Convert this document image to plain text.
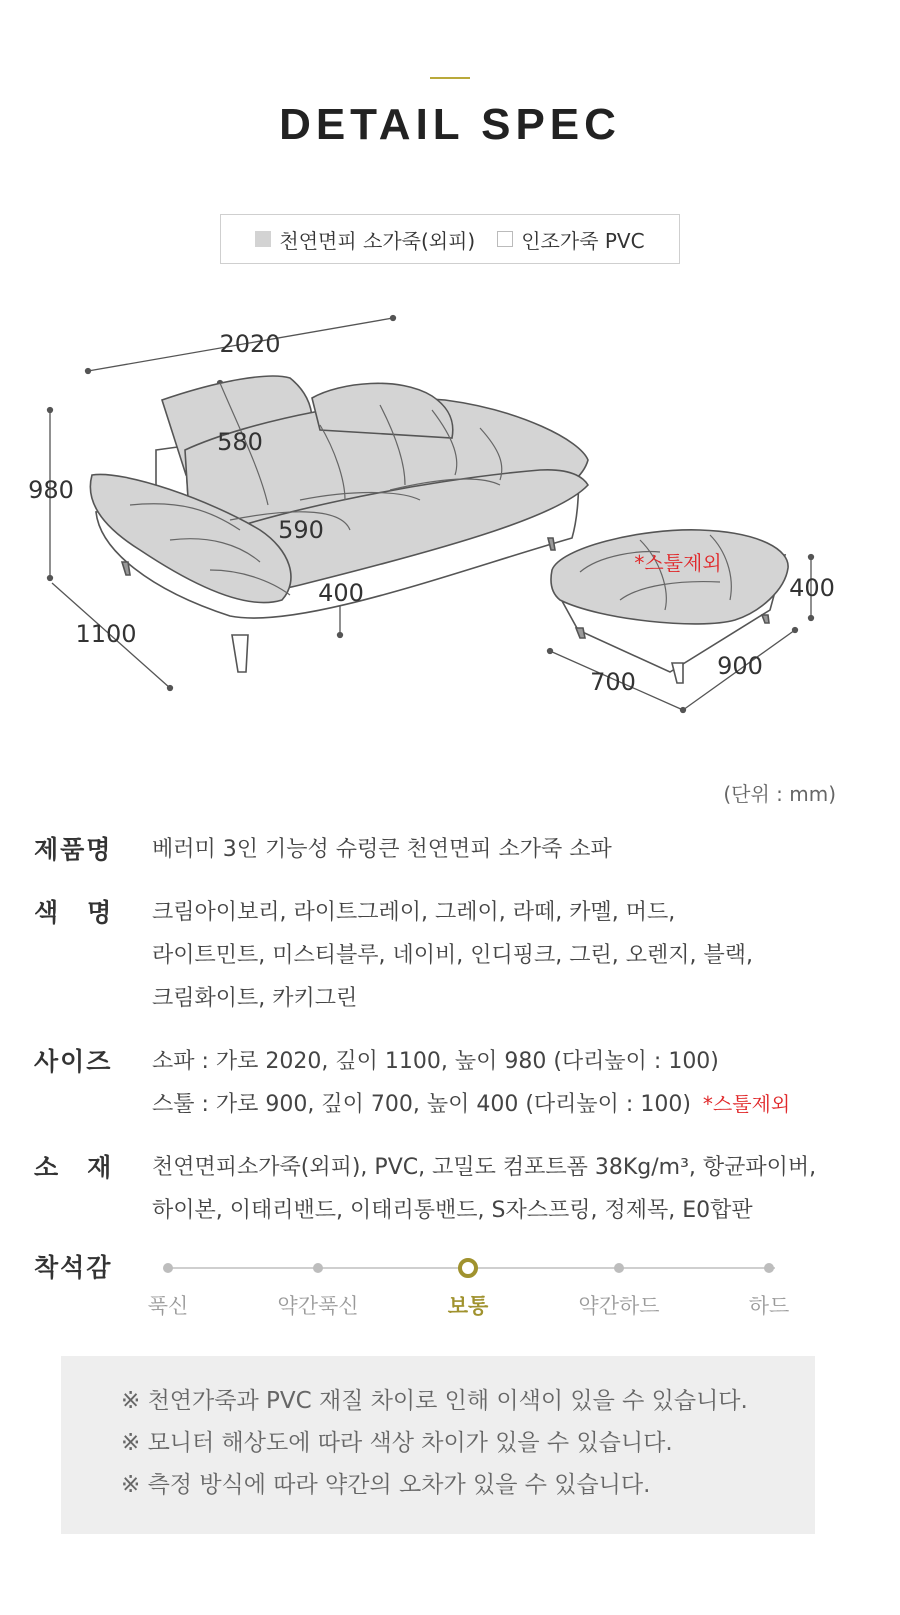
DETAIL SPEC
천연면피 소가죽(외피) 인조가죽 PVC
2020
980
1100
580
590
400	400
700
900
*스툴제외
(단위 : mm)
제품명	베러미 3인 기능성 슈렁큰 천연면피 소가죽 소파
색　명	크림아이보리, 라이트그레이, 그레이, 라떼, 카멜, 머드,
라이트민트, 미스티블루, 네이비, 인디핑크, 그린, 오렌지, 블랙,
크림화이트, 카키그린
사이즈	소파 : 가로 2020, 깊이 1100, 높이 980 (다리높이 : 100)
스툴 : 가로 900, 깊이 700, 높이 400 (다리높이 : 100) *스툴제외
소　재	천연면피소가죽(외피), PVC, 고밀도 컴포트폼 38Kg/m³, 항균파이버,
하이본, 이태리밴드, 이태리통밴드, S자스프링, 정제목, E0합판
착석감
푹신	약간푹신	보통	약간하드	하드

※ 천연가죽과 PVC 재질 차이로 인해 이색이 있을 수 있습니다.

※ 모니터 해상도에 따라 색상 차이가 있을 수 있습니다.

※ 측정 방식에 따라 약간의 오차가 있을 수 있습니다.
